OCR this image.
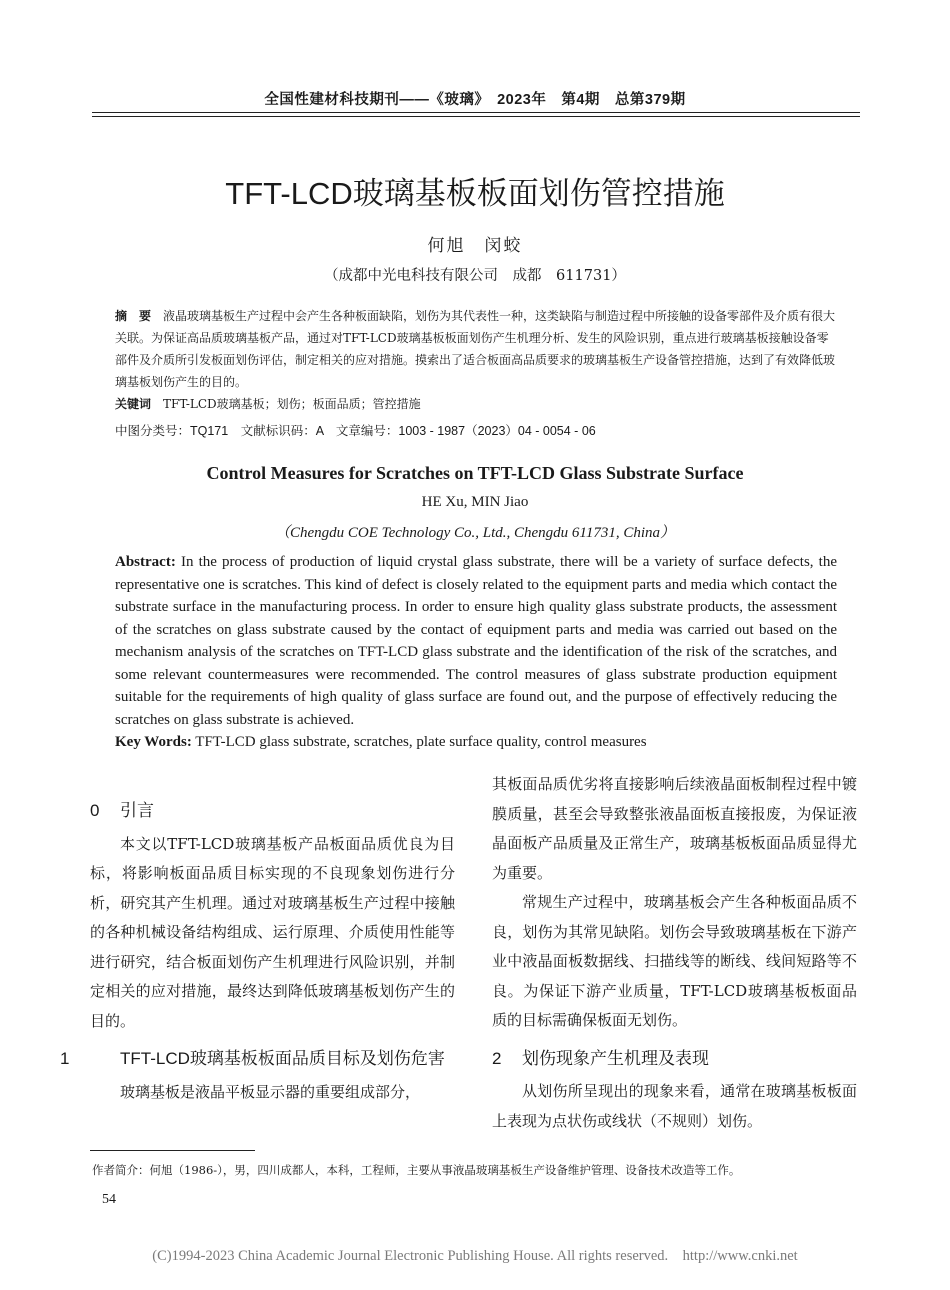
全国性建材科技期刊——《玻璃》　2023年　第4期　总第379期
TFT-LCD玻璃基板板面划伤管控措施
何旭　闵蛟
（成都中光电科技有限公司　成都　611731）
摘　要　 液晶玻璃基板生产过程中会产生各种板面缺陷，划伤为其代表性一种，这类缺陷与制造过程中所接触的设备零部件及介质有很大关联。为保证高品质玻璃基板产品，通过对TFT-LCD玻璃基板板面划伤产生机理分析、发生的风险识别，重点进行玻璃基板接触设备零部件及介质所引发板面划伤评估，制定相关的应对措施。摸索出了适合板面高品质要求的玻璃基板生产设备管控措施，达到了有效降低玻璃基板划伤产生的目的。
关键词　 TFT-LCD玻璃基板；划伤；板面品质；管控措施
中图分类号：TQ171　文献标识码：A　文章编号：1003 - 1987（2023）04 - 0054 - 06
Control Measures for Scratches on TFT-LCD Glass Substrate Surface
HE Xu, MIN Jiao
（Chengdu COE Technology Co., Ltd., Chengdu 611731, China）
Abstract: In the process of production of liquid crystal glass substrate, there will be a variety of surface defects, the representative one is scratches. This kind of defect is closely related to the equipment parts and media which contact the substrate surface in the manufacturing process. In order to ensure high quality glass substrate products, the assessment of the scratches on glass substrate caused by the contact of equipment parts and media was carried out based on the mechanism analysis of the scratches on TFT-LCD glass substrate and the identification of the risk of the scratches, and some relevant countermeasures were recommended. The control measures of glass substrate production equipment suitable for the requirements of high quality of glass surface are found out, and the purpose of effectively reducing the scratches on glass substrate is achieved.
Key Words: TFT-LCD glass substrate, scratches, plate surface quality, control measures
0 引言

本文以TFT-LCD玻璃基板产品板面品质优良为目标，将影响板面品质目标实现的不良现象划伤进行分析，研究其产生机理。通过对玻璃基板生产过程中接触的各种机械设备结构组成、运行原理、介质使用性能等进行研究，结合板面划伤产生机理进行风险识别，并制定相关的应对措施，最终达到降低玻璃基板划伤产生的目的。

1	TFT-LCD玻璃基板板面品质目标及划伤危害

玻璃基板是液晶平板显示器的重要组成部分，

其板面品质优劣将直接影响后续液晶面板制程过程中镀膜质量，甚至会导致整张液晶面板直接报废，为保证液晶面板产品质量及正常生产，玻璃基板板面品质显得尤为重要。

常规生产过程中，玻璃基板会产生各种板面品质不良，划伤为其常见缺陷。划伤会导致玻璃基板在下游产业中液晶面板数据线、扫描线等的断线、线间短路等不良。为保证下游产业质量，TFT-LCD玻璃基板板面品质的目标需确保板面无划伤。

2 划伤现象产生机理及表现

从划伤所呈现出的现象来看，通常在玻璃基板板面上表现为点状伤或线状（不规则）划伤。

作者简介：何旭（1986-），男，四川成都人，本科，工程师，主要从事液晶玻璃基板生产设备维护管理、设备技术改造等工作。
54
(C)1994-2023 China Academic Journal Electronic Publishing House. All rights reserved.　http://www.cnki.net
